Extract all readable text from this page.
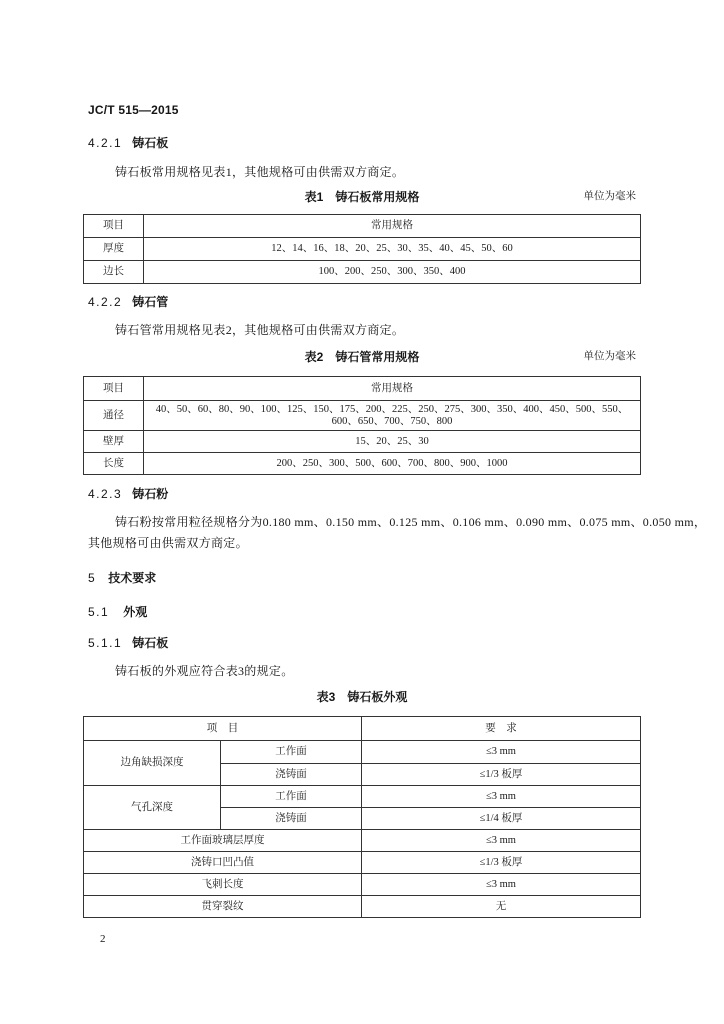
JC/T 515—2015
4.2.1 铸石板
铸石板常用规格见表1，其他规格可由供需双方商定。
表1 铸石板常用规格	单位为毫米
项目	常用规格
厚度	12、14、16、18、20、25、30、35、40、45、50、60
边长	100、200、250、300、350、400
4.2.2 铸石管
铸石管常用规格见表2，其他规格可由供需双方商定。
表2 铸石管常用规格	单位为毫米
项目	常用规格
通径	40、50、60、80、90、100、125、150、175、200、225、250、275、300、350、400、450、500、550、600、650、700、750、800
壁厚	15、20、25、30
长度	200、250、300、500、600、700、800、900、1000
4.2.3 铸石粉
铸石粉按常用粒径规格分为0.180 mm、0.150 mm、0.125 mm、0.106 mm、0.090 mm、0.075 mm、0.050 mm，
其他规格可由供需双方商定。
5 技术要求
5.1 外观
5.1.1 铸石板
铸石板的外观应符合表3的规定。
表3 铸石板外观
项　目		要　求
边角缺损深度	工作面	≤3 mm
	浇铸面	≤1/3 板厚
气孔深度	工作面	≤3 mm
	浇铸面	≤1/4 板厚
工作面玻璃层厚度		≤3 mm
浇铸口凹凸值		≤1/3 板厚
飞刺长度		≤3 mm
贯穿裂纹		无
2
